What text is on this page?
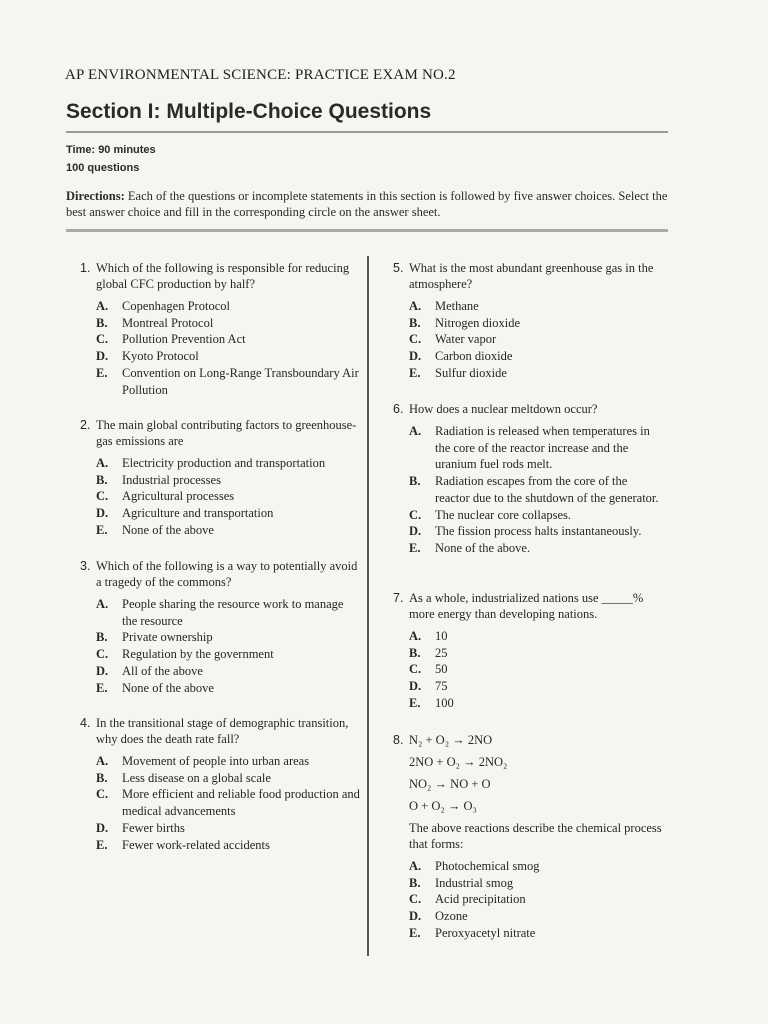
AP ENVIRONMENTAL SCIENCE: PRACTICE EXAM NO.2
Section I: Multiple-Choice Questions
Time: 90 minutes
100 questions
Directions: Each of the questions or incomplete statements in this section is followed by five answer choices. Select the best answer choice and fill in the corresponding circle on the answer sheet.
1. Which of the following is responsible for reducing global CFC production by half?
A.	Copenhagen Protocol
B.	Montreal Protocol
C.	Pollution Prevention Act
D.	Kyoto Protocol
E.	Convention on Long-Range Transboundary Air Pollution
2. The main global contributing factors to greenhouse-gas emissions are
A.	Electricity production and transportation
B.	Industrial processes
C.	Agricultural processes
D.	Agriculture and transportation
E.	None of the above
3. Which of the following is a way to potentially avoid a tragedy of the commons?
A.	People sharing the resource work to manage the resource
B.	Private ownership
C.	Regulation by the government
D.	All of the above
E.	None of the above
4. In the transitional stage of demographic transition, why does the death rate fall?
A.	Movement of people into urban areas
B.	Less disease on a global scale
C.	More efficient and reliable food production and medical advancements
D.	Fewer births
E.	Fewer work-related accidents
5. What is the most abundant greenhouse gas in the atmosphere?
A.	Methane
B.	Nitrogen dioxide
C.	Water vapor
D.	Carbon dioxide
E.	Sulfur dioxide
6. How does a nuclear meltdown occur?
A.	Radiation is released when temperatures in the core of the reactor increase and the uranium fuel rods melt.
B.	Radiation escapes from the core of the reactor due to the shutdown of the generator.
C.	The nuclear core collapses.
D.	The fission process halts instantaneously.
E.	None of the above.
7. As a whole, industrialized nations use _____% more energy than developing nations.
A.	10
B.	25
C.	50
D.	75
E.	100
8. N₂ + O₂ → 2NO
2NO + O₂ → 2NO₂
NO₂ → NO + O
O + O₂ → O₃
The above reactions describe the chemical process that forms:
A.	Photochemical smog
B.	Industrial smog
C.	Acid precipitation
D.	Ozone
E.	Peroxyacetyl nitrate
